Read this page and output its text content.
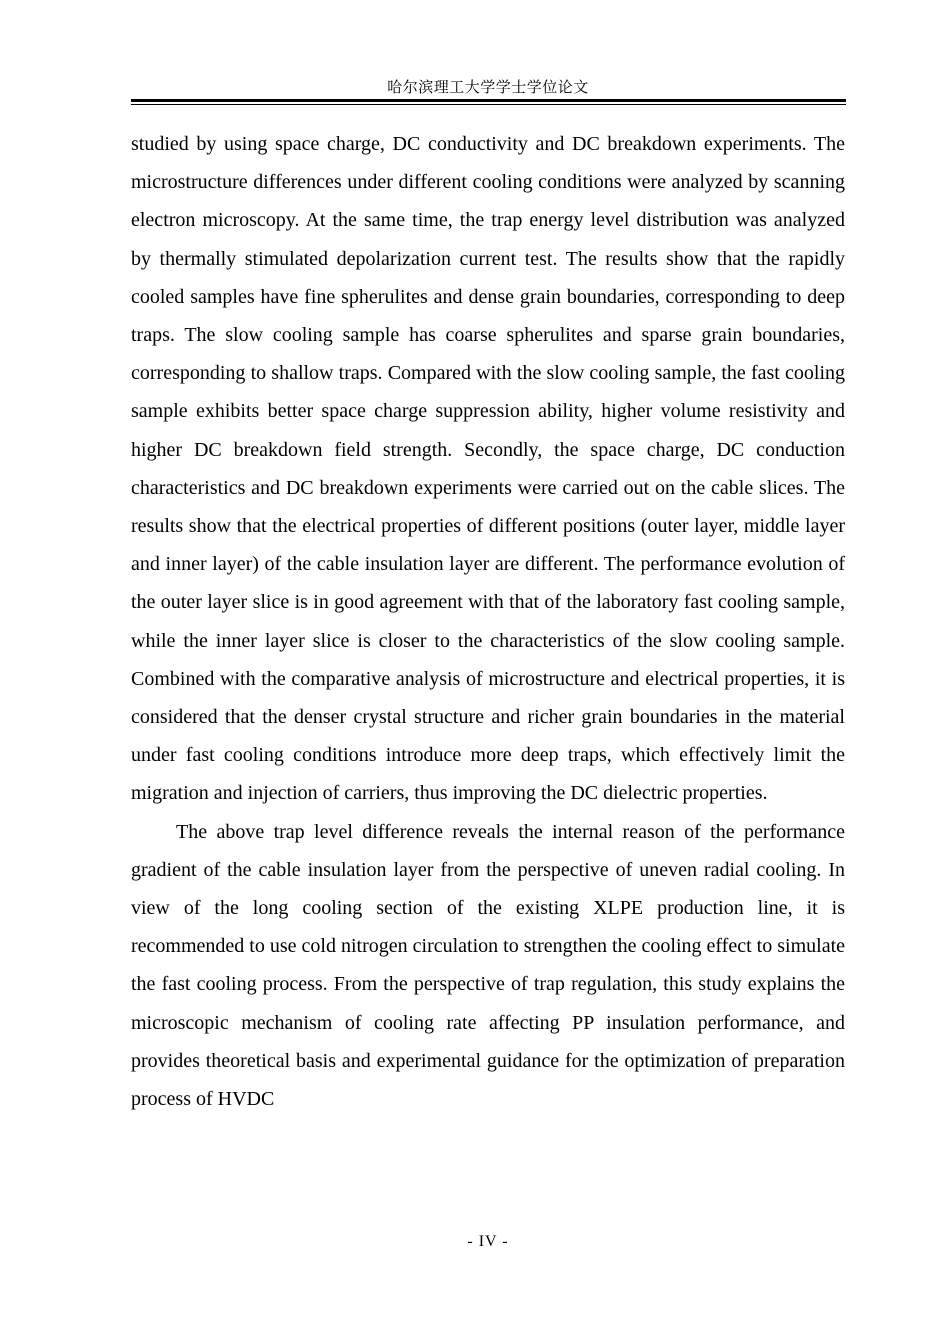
哈尔滨理工大学学士学位论文

studied by using space charge, DC conductivity and DC breakdown experiments. The microstructure differences under different cooling conditions were analyzed by scanning electron microscopy. At the same time, the trap energy level distribution was analyzed by thermally stimulated depolarization current test. The results show that the rapidly cooled samples have fine spherulites and dense grain boundaries, corresponding to deep traps. The slow cooling sample has coarse spherulites and sparse grain boundaries, corresponding to shallow traps. Compared with the slow cooling sample, the fast cooling sample exhibits better space charge suppression ability, higher volume resistivity and higher DC breakdown field strength. Secondly, the space charge, DC conduction characteristics and DC breakdown experiments were carried out on the cable slices. The results show that the electrical properties of different positions (outer layer, middle layer and inner layer) of the cable insulation layer are different. The performance evolution of the outer layer slice is in good agreement with that of the laboratory fast cooling sample, while the inner layer slice is closer to the characteristics of the slow cooling sample. Combined with the comparative analysis of microstructure and electrical properties, it is considered that the denser crystal structure and richer grain boundaries in the material under fast cooling conditions introduce more deep traps, which effectively limit the migration and injection of carriers, thus improving the DC dielectric properties.

The above trap level difference reveals the internal reason of the performance gradient of the cable insulation layer from the perspective of uneven radial cooling. In view of the long cooling section of the existing XLPE production line, it is recommended to use cold nitrogen circulation to strengthen the cooling effect to simulate the fast cooling process. From the perspective of trap regulation, this study explains the microscopic mechanism of cooling rate affecting PP insulation performance, and provides theoretical basis and experimental guidance for the optimization of preparation process of HVDC

- IV -
